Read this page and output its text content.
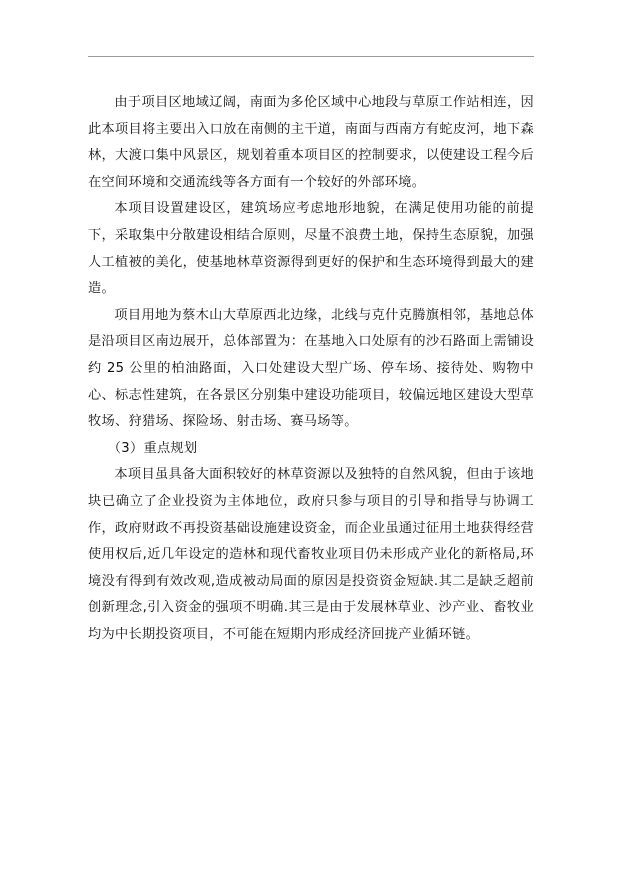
由于项目区地域辽阔，南面为多伦区域中心地段与草原工作站相连，因此本项目将主要出入口放在南侧的主干道，南面与西南方有蛇皮河，地下森林，大渡口集中风景区，规划着重本项目区的控制要求，以使建设工程今后在空间环境和交通流线等各方面有一个较好的外部环境。

本项目设置建设区，建筑场应考虑地形地貌，在满足使用功能的前提下，采取集中分散建设相结合原则，尽量不浪费土地，保持生态原貌，加强人工植被的美化，使基地林草资源得到更好的保护和生态环境得到最大的建造。

项目用地为蔡木山大草原西北边缘，北线与克什克腾旗相邻，基地总体是沿项目区南边展开，总体部置为：在基地入口处原有的沙石路面上需铺设约 25 公里的柏油路面，入口处建设大型广场、停车场、接待处、购物中心、标志性建筑，在各景区分别集中建设功能项目，较偏远地区建设大型草牧场、狩猎场、探险场、射击场、赛马场等。

（3）重点规划

本项目虽具备大面积较好的林草资源以及独特的自然风貌，但由于该地块已确立了企业投资为主体地位，政府只参与项目的引导和指导与协调工作，政府财政不再投资基础设施建设资金，而企业虽通过征用土地获得经营使用权后,近几年设定的造林和现代畜牧业项目仍未形成产业化的新格局,环境没有得到有效改观,造成被动局面的原因是投资资金短缺.其二是缺乏超前创新理念,引入资金的强项不明确.其三是由于发展林草业、沙产业、畜牧业均为中长期投资项目，不可能在短期内形成经济回拢产业循环链。
